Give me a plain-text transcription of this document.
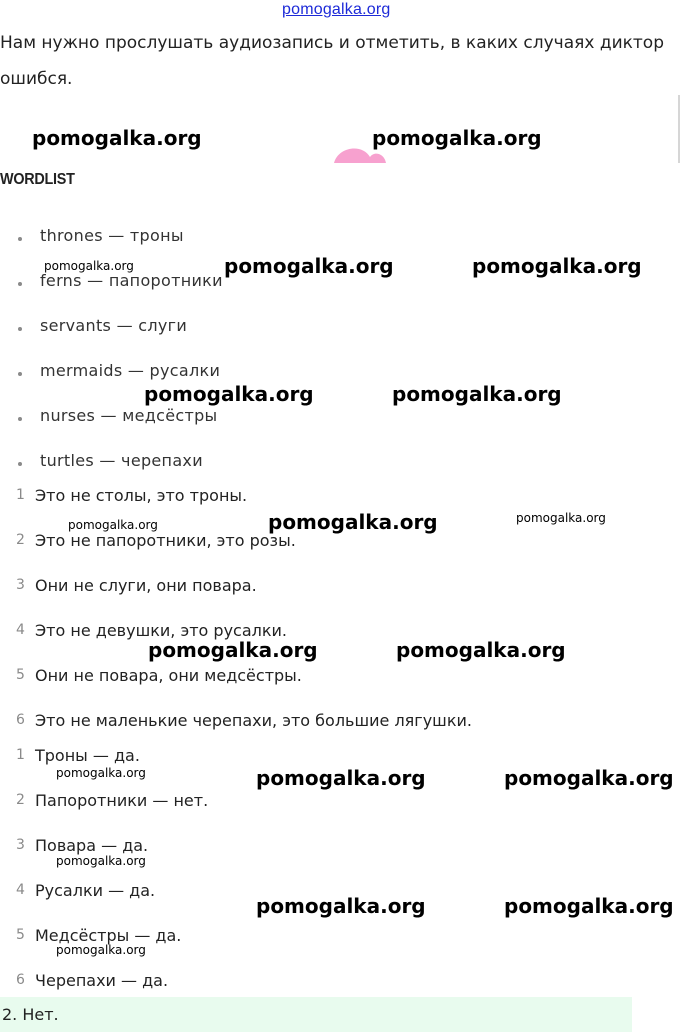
pomogalka.org
Нам нужно прослушать аудиозапись и отметить, в каких случаях диктор
ошибся.
WORDLIST
thrones — троны
ferns — папоротники
servants — слуги
mermaids — русалки
nurses — медсёстры
turtles — черепахи
1 Это не столы, это троны.
2 Это не папоротники, это розы.
3 Они не слуги, они повара.
4 Это не девушки, это русалки.
5 Они не повара, они медсёстры.
6 Это не маленькие черепахи, это большие лягушки.
1 Троны — да.
2 Папоротники — нет.
3 Повара — да.
4 Русалки — да.
5 Медсёстры — да.
6 Черепахи — да.
2. Нет.
pomogalka.org	pomogalka.org
pomogalka.org	pomogalka.org	pomogalka.org
pomogalka.org	pomogalka.org
pomogalka.org	pomogalka.org	pomogalka.org
pomogalka.org	pomogalka.org
pomogalka.org	pomogalka.org	pomogalka.org
pomogalka.org
pomogalka.org	pomogalka.org
pomogalka.org
